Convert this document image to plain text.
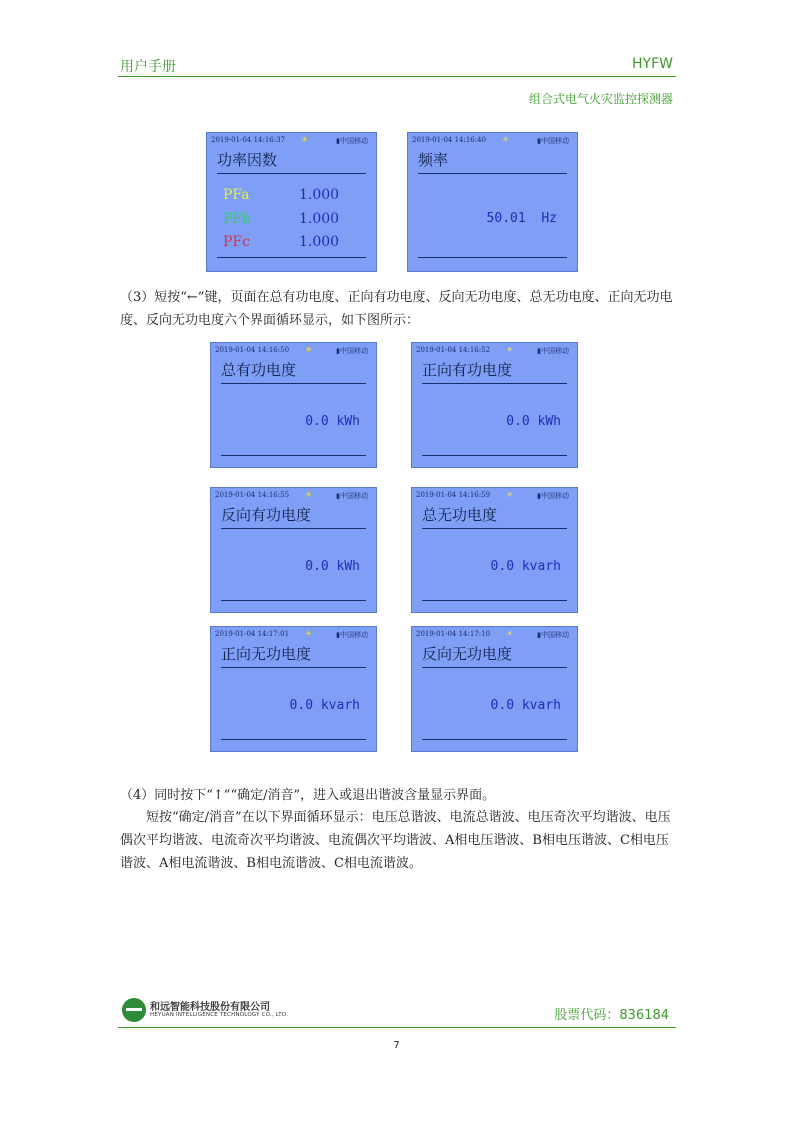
用户手册	HYFW
组合式电气火灾监控探测器
2019-01-04 14:16:37 ☀	▮中国移动
功率因数
PFa	1.000
PFb	1.000
PFc	1.000
2019-01-04 14:16:40 ☀	▮中国移动
频率
50.01  Hz
（3）短按“←”键，页面在总有功电度、正向有功电度、反向无功电度、总无功电度、正向无功电度、反向无功电度六个界面循环显示，如下图所示：
2019-01-04 14:16:50 ☀	▮中国移动
总有功电度
0.0 kWh
2019-01-04 14:16:52 ☀	▮中国移动
正向有功电度
0.0 kWh
2019-01-04 14:16:55 ☀	▮中国移动
反向有功电度
0.0 kWh
2019-01-04 14:16:59 ☀	▮中国移动
总无功电度
0.0 kvarh
2019-01-04 14:17:01 ☀	▮中国移动
正向无功电度
0.0 kvarh
2019-01-04 14:17:10 ☀	▮中国移动
反向无功电度
0.0 kvarh
（4）同时按下“↑”“确定/消音”，进入或退出谐波含量显示界面。
短按“确定/消音”在以下界面循环显示：电压总谐波、电流总谐波、电压奇次平均谐波、电压偶次平均谐波、电流奇次平均谐波、电流偶次平均谐波、A相电压谐波、B相电压谐波、C相电压谐波、A相电流谐波、B相电流谐波、C相电流谐波。
和远智能科技股份有限公司
HEYUAN INTELLIGENCE TECHNOLOGY CO., LTD.	股票代码：836184
7
